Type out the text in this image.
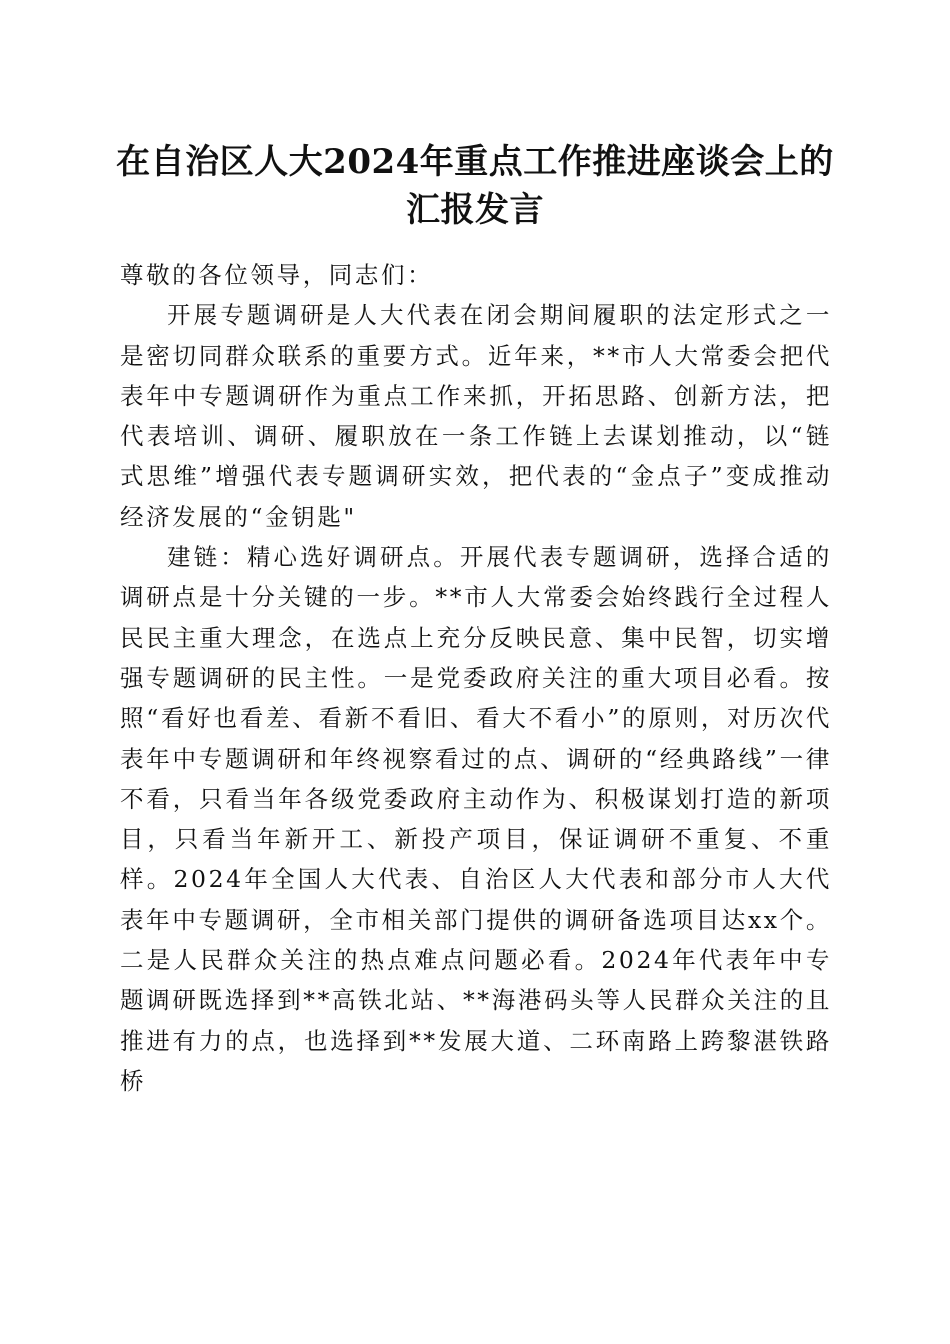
在自治区人大2024年重点工作推进座谈会上的汇报发言

尊敬的各位领导，同志们：

开展专题调研是人大代表在闭会期间履职的法定形式之一是密切同群众联系的重要方式。近年来，**市人大常委会把代表年中专题调研作为重点工作来抓，开拓思路、创新方法，把代表培训、调研、履职放在一条工作链上去谋划推动，以“链式思维”增强代表专题调研实效，把代表的“金点子”变成推动经济发展的“金钥匙"

建链：精心选好调研点。开展代表专题调研，选择合适的调研点是十分关键的一步。**市人大常委会始终践行全过程人民民主重大理念，在选点上充分反映民意、集中民智，切实增强专题调研的民主性。一是党委政府关注的重大项目必看。按照“看好也看差、看新不看旧、看大不看小”的原则，对历次代表年中专题调研和年终视察看过的点、调研的“经典路线”一律不看，只看当年各级党委政府主动作为、积极谋划打造的新项目，只看当年新开工、新投产项目，保证调研不重复、不重样。2024年全国人大代表、自治区人大代表和部分市人大代表年中专题调研，全市相关部门提供的调研备选项目达xx个。二是人民群众关注的热点难点问题必看。2024年代表年中专题调研既选择到**高铁北站、**海港码头等人民群众关注的且推进有力的点，也选择到**发展大道、二环南路上跨黎湛铁路桥
